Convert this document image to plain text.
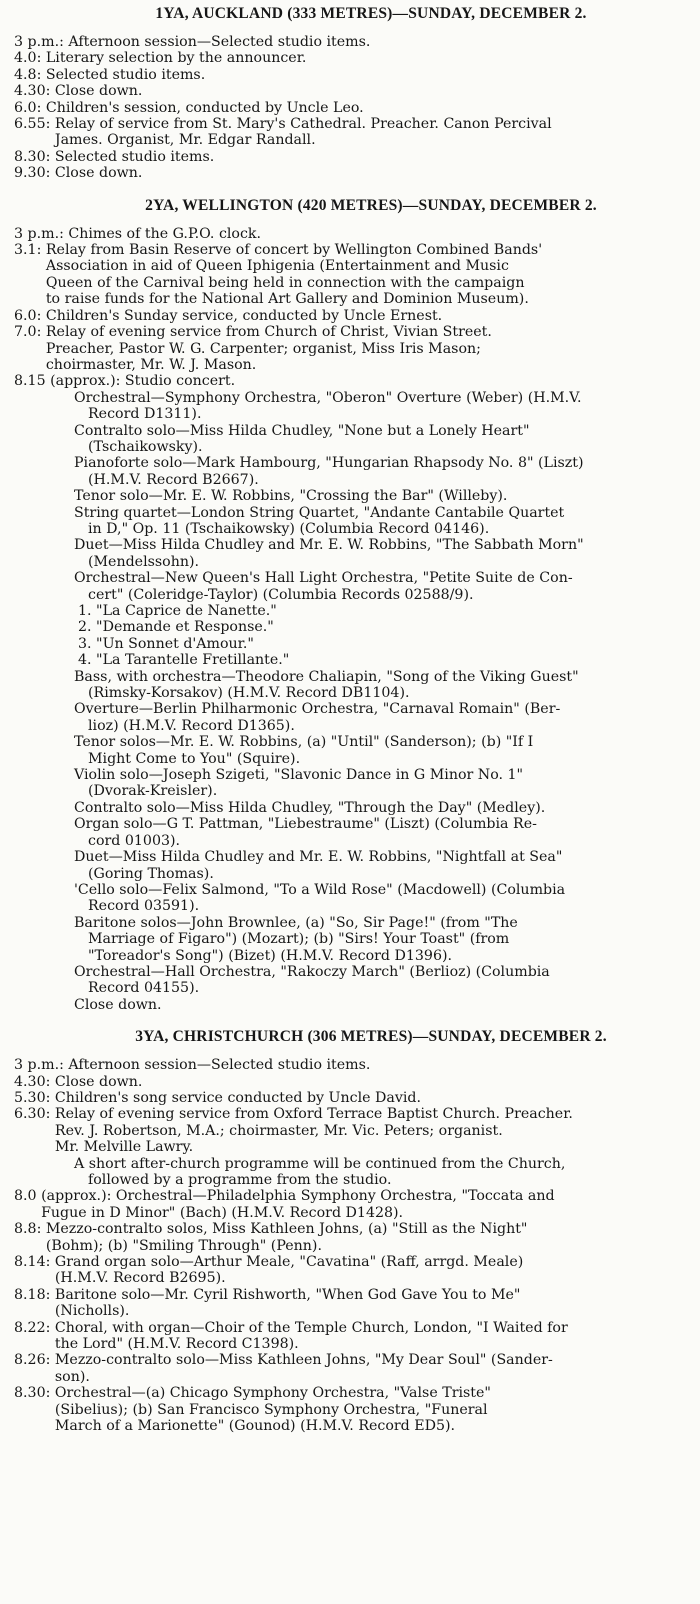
1YA, AUCKLAND (333 METRES)—SUNDAY, DECEMBER 2.
3 p.m.: Afternoon session—Selected studio items.
4.0: Literary selection by the announcer.
4.8: Selected studio items.
4.30: Close down.
6.0: Children's session, conducted by Uncle Leo.
6.55: Relay of service from St. Mary's Cathedral. Preacher. Canon Percival
James. Organist, Mr. Edgar Randall.
8.30: Selected studio items.
9.30: Close down.
2YA, WELLINGTON (420 METRES)—SUNDAY, DECEMBER 2.
3 p.m.: Chimes of the G.P.O. clock.
3.1: Relay from Basin Reserve of concert by Wellington Combined Bands'
Association in aid of Queen Iphigenia (Entertainment and Music
Queen of the Carnival being held in connection with the campaign
to raise funds for the National Art Gallery and Dominion Museum).
6.0: Children's Sunday service, conducted by Uncle Ernest.
7.0: Relay of evening service from Church of Christ, Vivian Street.
Preacher, Pastor W. G. Carpenter; organist, Miss Iris Mason;
choirmaster, Mr. W. J. Mason.
8.15 (approx.): Studio concert.
Orchestral—Symphony Orchestra, "Oberon" Overture (Weber) (H.M.V.
Record D1311).
Contralto solo—Miss Hilda Chudley, "None but a Lonely Heart"
(Tschaikowsky).
Pianoforte solo—Mark Hambourg, "Hungarian Rhapsody No. 8" (Liszt)
(H.M.V. Record B2667).
Tenor solo—Mr. E. W. Robbins, "Crossing the Bar" (Willeby).
String quartet—London String Quartet, "Andante Cantabile Quartet
in D," Op. 11 (Tschaikowsky) (Columbia Record 04146).
Duet—Miss Hilda Chudley and Mr. E. W. Robbins, "The Sabbath Morn"
(Mendelssohn).
Orchestral—New Queen's Hall Light Orchestra, "Petite Suite de Con-
cert" (Coleridge-Taylor) (Columbia Records 02588/9).
1. "La Caprice de Nanette."
2. "Demande et Response."
3. "Un Sonnet d'Amour."
4. "La Tarantelle Fretillante."
Bass, with orchestra—Theodore Chaliapin, "Song of the Viking Guest"
(Rimsky-Korsakov) (H.M.V. Record DB1104).
Overture—Berlin Philharmonic Orchestra, "Carnaval Romain" (Ber-
lioz) (H.M.V. Record D1365).
Tenor solos—Mr. E. W. Robbins, (a) "Until" (Sanderson); (b) "If I
Might Come to You" (Squire).
Violin solo—Joseph Szigeti, "Slavonic Dance in G Minor No. 1"
(Dvorak-Kreisler).
Contralto solo—Miss Hilda Chudley, "Through the Day" (Medley).
Organ solo—G T. Pattman, "Liebestraume" (Liszt) (Columbia Re-
cord 01003).
Duet—Miss Hilda Chudley and Mr. E. W. Robbins, "Nightfall at Sea"
(Goring Thomas).
'Cello solo—Felix Salmond, "To a Wild Rose" (Macdowell) (Columbia
Record 03591).
Baritone solos—John Brownlee, (a) "So, Sir Page!" (from "The
Marriage of Figaro") (Mozart); (b) "Sirs! Your Toast" (from
"Toreador's Song") (Bizet) (H.M.V. Record D1396).
Orchestral—Hall Orchestra, "Rakoczy March" (Berlioz) (Columbia
Record 04155).
Close down.
3YA, CHRISTCHURCH (306 METRES)—SUNDAY, DECEMBER 2.
3 p.m.: Afternoon session—Selected studio items.
4.30: Close down.
5.30: Children's song service conducted by Uncle David.
6.30: Relay of evening service from Oxford Terrace Baptist Church. Preacher.
Rev. J. Robertson, M.A.; choirmaster, Mr. Vic. Peters; organist.
Mr. Melville Lawry.
A short after-church programme will be continued from the Church,
followed by a programme from the studio.
8.0 (approx.): Orchestral—Philadelphia Symphony Orchestra, "Toccata and
Fugue in D Minor" (Bach) (H.M.V. Record D1428).
8.8: Mezzo-contralto solos, Miss Kathleen Johns, (a) "Still as the Night"
(Bohm); (b) "Smiling Through" (Penn).
8.14: Grand organ solo—Arthur Meale, "Cavatina" (Raff, arrgd. Meale)
(H.M.V. Record B2695).
8.18: Baritone solo—Mr. Cyril Rishworth, "When God Gave You to Me"
(Nicholls).
8.22: Choral, with organ—Choir of the Temple Church, London, "I Waited for
the Lord" (H.M.V. Record C1398).
8.26: Mezzo-contralto solo—Miss Kathleen Johns, "My Dear Soul" (Sander-
son).
8.30: Orchestral—(a) Chicago Symphony Orchestra, "Valse Triste"
(Sibelius); (b) San Francisco Symphony Orchestra, "Funeral
March of a Marionette" (Gounod) (H.M.V. Record ED5).
